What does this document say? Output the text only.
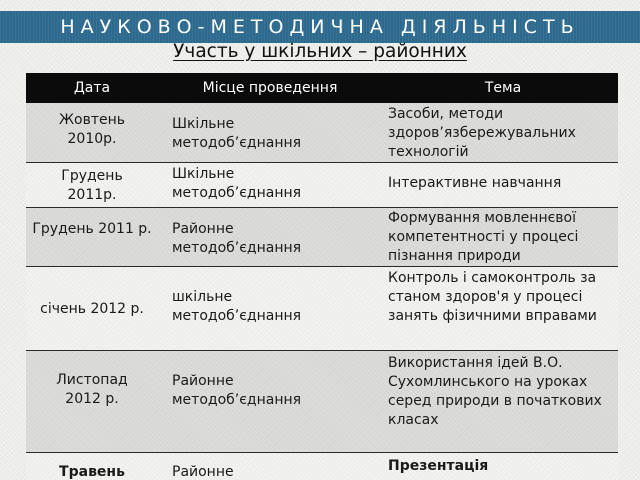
НАУКОВО-МЕТОДИЧНА ДІЯЛЬНІСТЬ
Участь у шкільних – районних
Дата	Місце проведення	Тема

Жовтень 2010р.	Шкільне методоб’єднання	Засоби, методи здоров’язбережувальних технологій

Грудень 2011р.	Шкільне методоб’єднання	Інтерактивне навчання

Грудень 2011 р.	Районне методоб’єднання	Формування мовленнєвої компетентності у процесі пізнання природи

січень 2012 р.	шкільне методоб’єднання	Контроль і самоконтроль за станом здоров'я у процесі занять фізичними вправами

Листопад 2012 р.	Районне методоб’єднання	Використання ідей В.О. Сухомлинського на уроках серед природи в початкових класах

Травень	Районне	Презентація
